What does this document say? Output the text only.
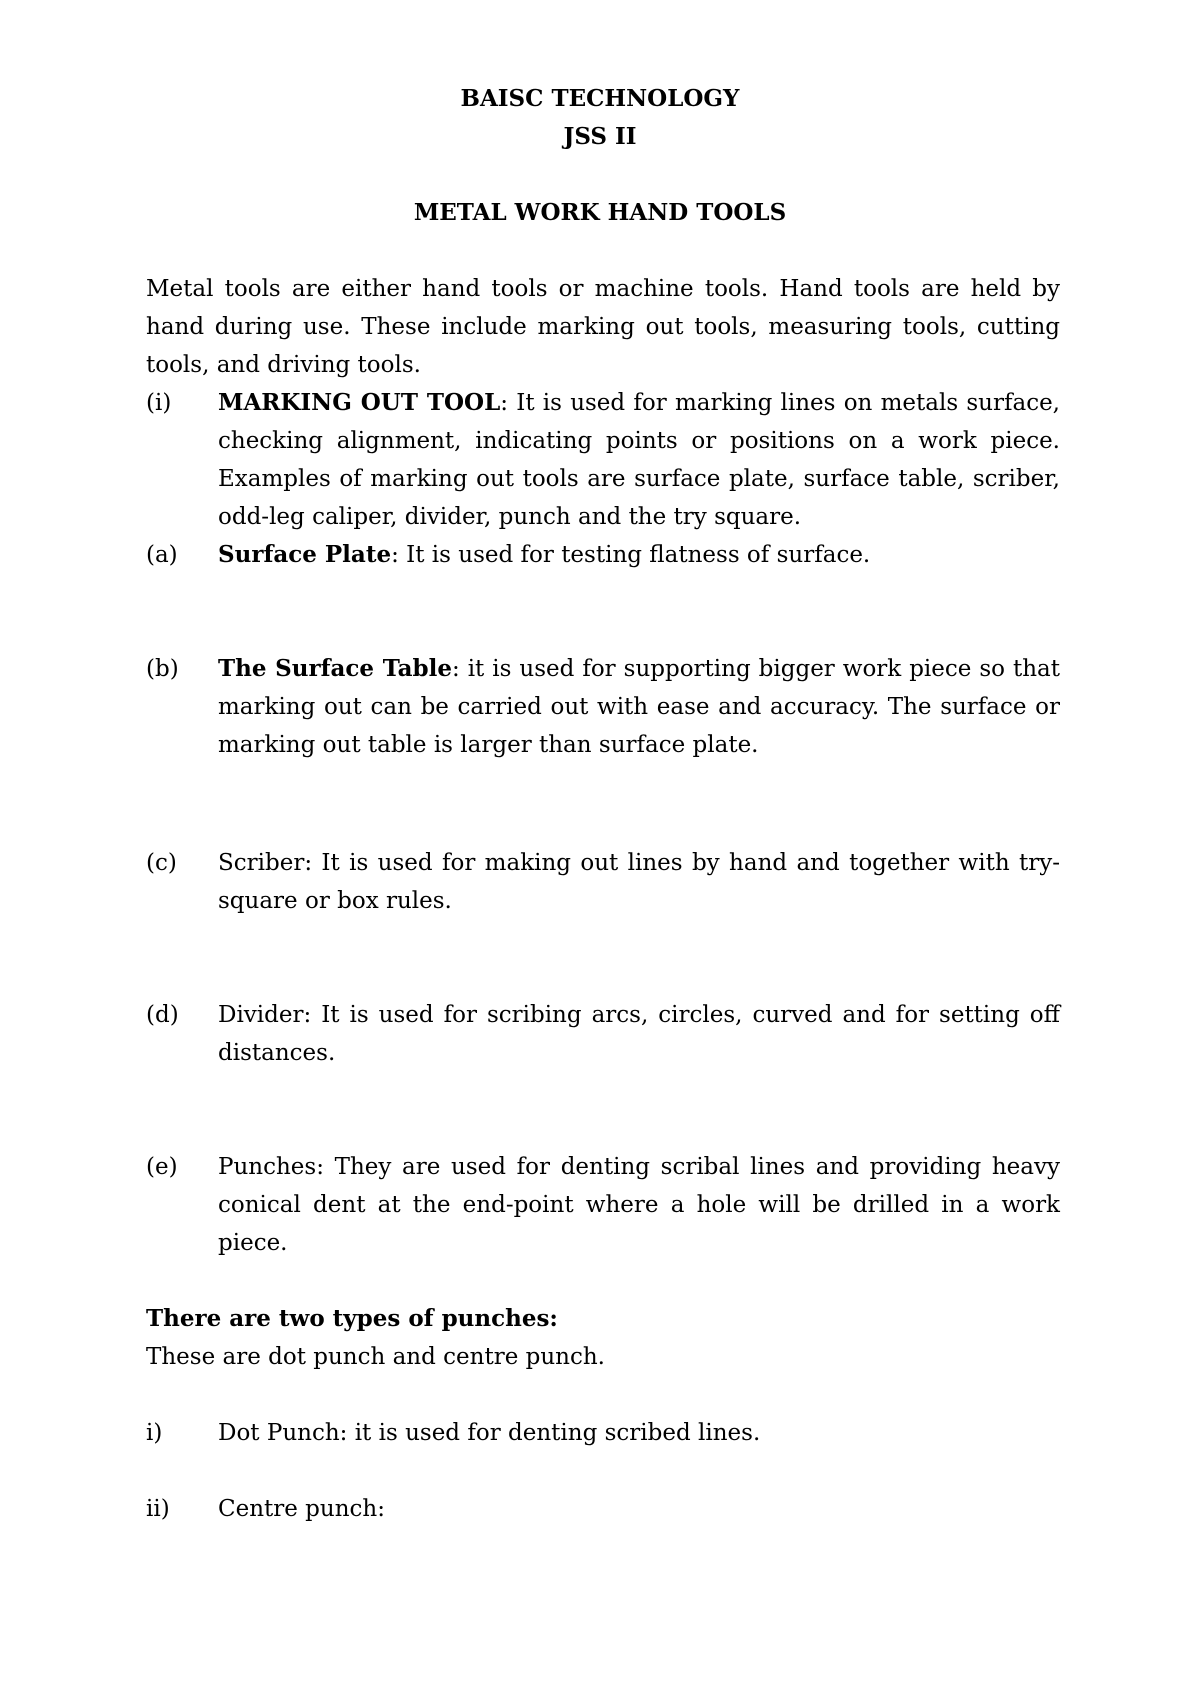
BAISC TECHNOLOGY
JSS II
METAL WORK HAND TOOLS

Metal tools are either hand tools or machine tools. Hand tools are held by hand during use. These include marking out tools, measuring tools, cutting tools, and driving tools.

(i)	MARKING OUT TOOL: It is used for marking lines on metals surface, checking alignment, indicating points or positions on a work piece. Examples of marking out tools are surface plate, surface table, scriber, odd-leg caliper, divider, punch and the try square.
(a)	Surface Plate: It is used for testing flatness of surface.
(b)	The Surface Table: it is used for supporting bigger work piece so that marking out can be carried out with ease and accuracy. The surface or marking out table is larger than surface plate.
(c)	Scriber: It is used for making out lines by hand and together with try-square or box rules.
(d)	Divider: It is used for scribing arcs, circles, curved and for setting off distances.
(e)	Punches: They are used for denting scribal lines and providing heavy conical dent at the end-point where a hole will be drilled in a work piece.
There are two types of punches:
These are dot punch and centre punch.
i)	Dot Punch: it is used for denting scribed lines.
ii)	Centre punch:
